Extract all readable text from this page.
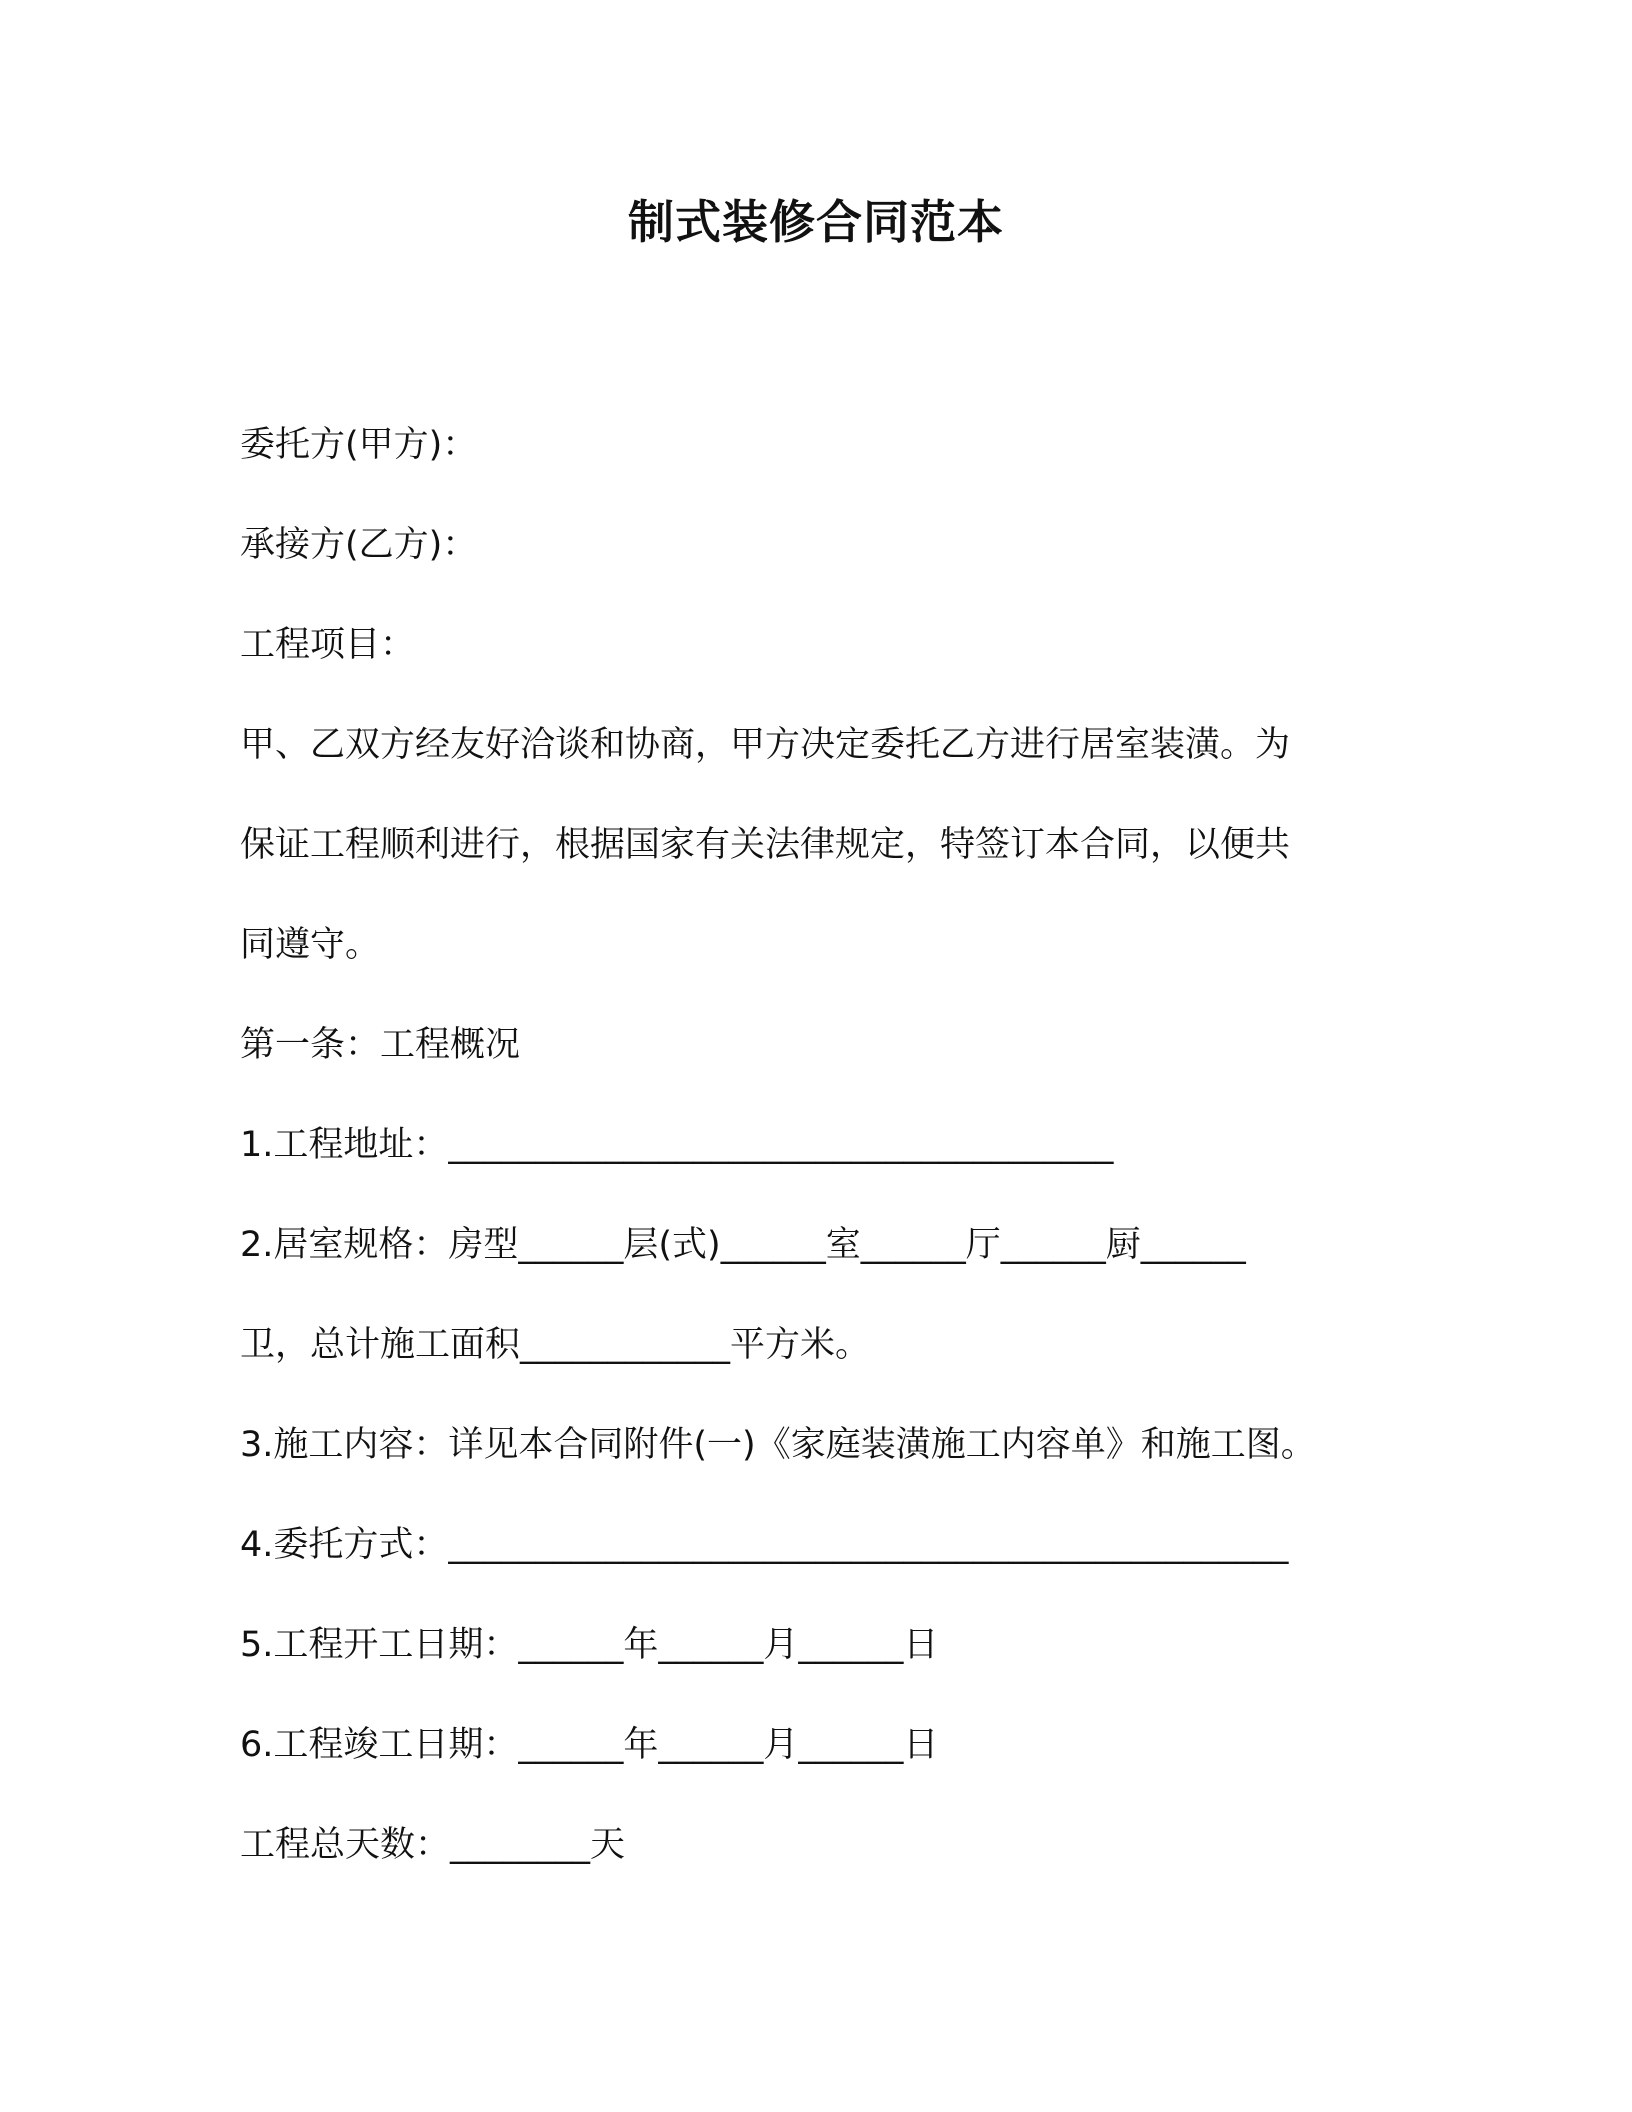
制式装修合同范本
委托方(甲方)：
承接方(乙方)：
工程项目：
甲、乙双方经友好洽谈和协商，甲方决定委托乙方进行居室装潢。为
保证工程顺利进行，根据国家有关法律规定，特签订本合同，以便共
同遵守。
第一条：工程概况
1.工程地址：______________________________________
2.居室规格：房型______层(式)______室______厅______厨______
卫，总计施工面积____________平方米。
3.施工内容：详见本合同附件(一)《家庭装潢施工内容单》和施工图。
4.委托方式：________________________________________________
5.工程开工日期：______年______月______日
6.工程竣工日期：______年______月______日
工程总天数：________天
